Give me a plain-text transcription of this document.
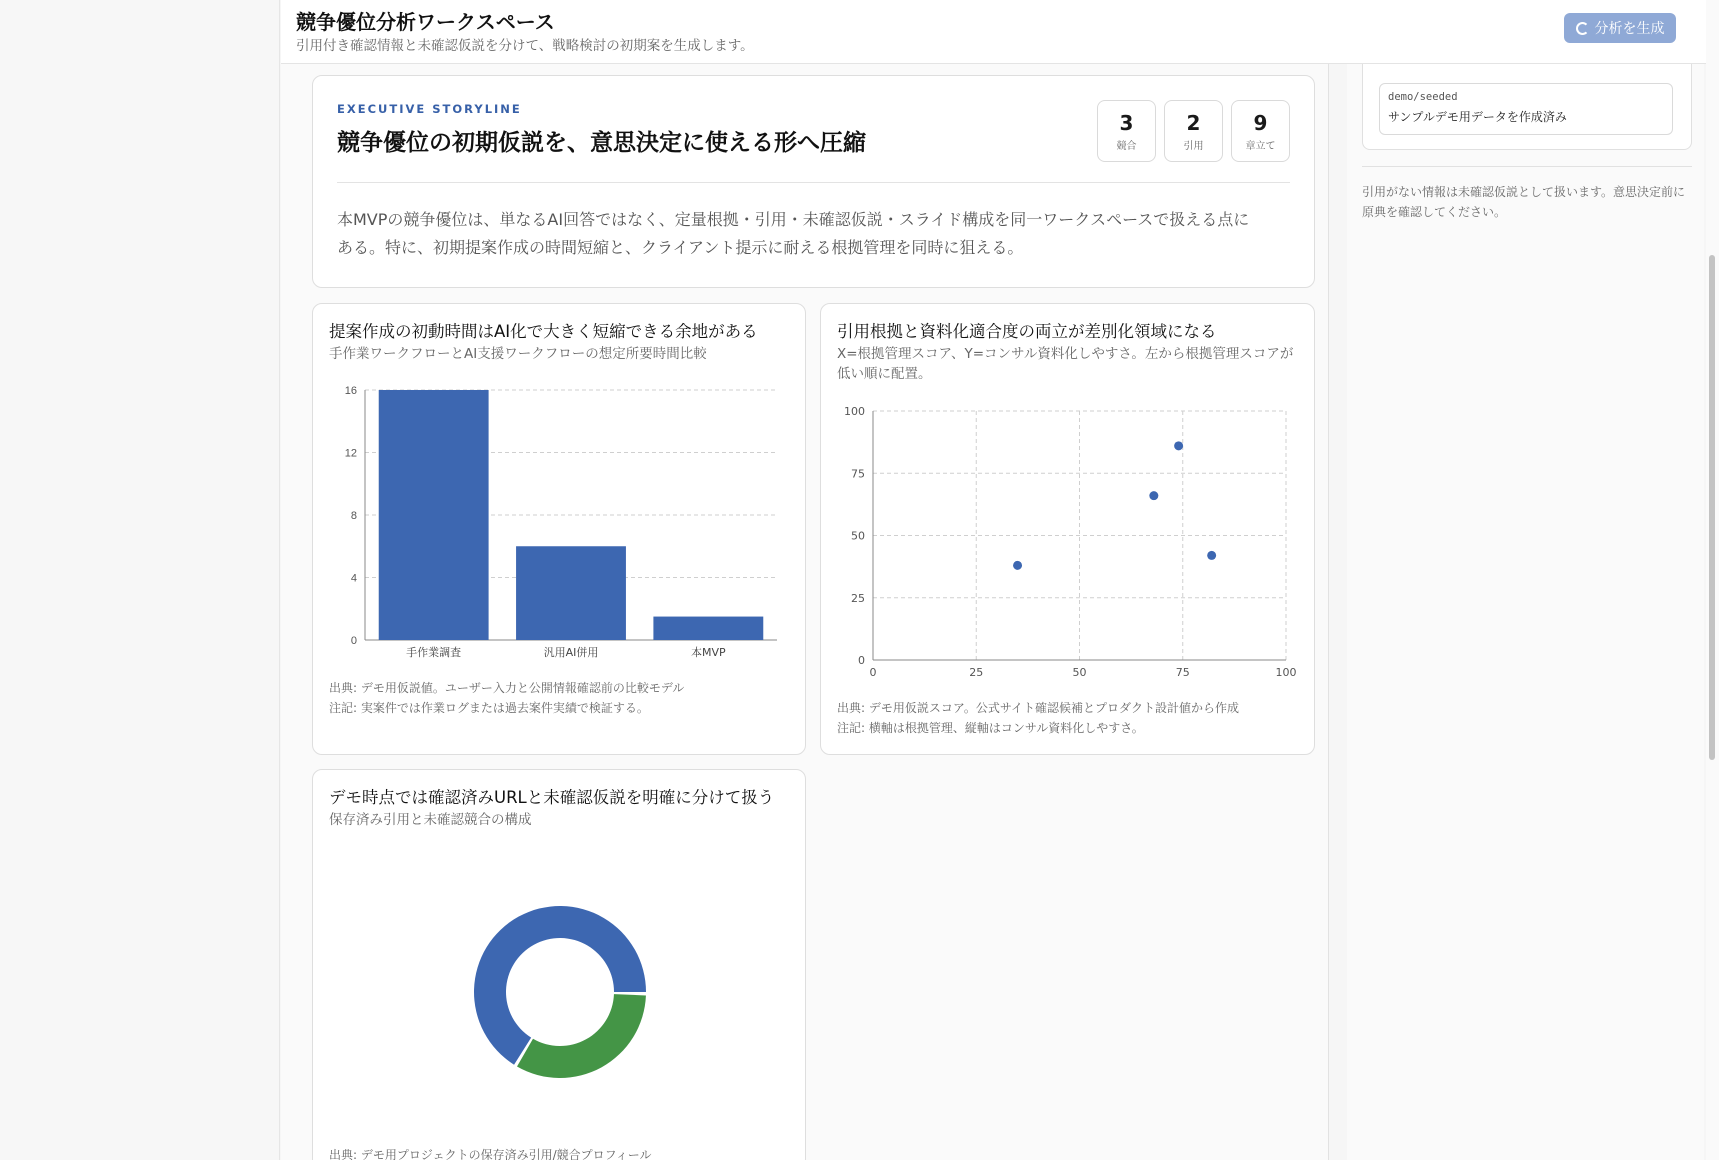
競争優位分析ワークスペース
引用付き確認情報と未確認仮説を分けて、戦略検討の初期案を生成します。
分析を生成
EXECUTIVE STORYLINE
競争優位の初期仮説を、意思決定に使える形へ圧縮
3
競合
2
引用
9
章立て
本MVPの競争優位は、単なるAI回答ではなく、定量根拠・引用・未確認仮説・スライド構成を同一ワークスペースで扱える点にある。特に、初期提案作成の時間短縮と、クライアント提示に耐える根拠管理を同時に狙える。
提案作成の初動時間はAI化で大きく短縮できる余地がある
手作業ワークフローとAI支援ワークフローの想定所要時間比較
0
4
8
12
16
手作業調査	汎用AI併用	本MVP
出典: デモ用仮説値。ユーザー入力と公開情報確認前の比較モデル
注記: 実案件では作業ログまたは過去案件実績で検証する。
引用根拠と資料化適合度の両立が差別化領域になる
X=根拠管理スコア、Y=コンサル資料化しやすさ。左から根拠管理スコアが低い順に配置。
0	25	50	75	100
0
25
50
75
100
出典: デモ用仮説スコア。公式サイト確認候補とプロダクト設計値から作成
注記: 横軸は根拠管理、縦軸はコンサル資料化しやすさ。
デモ時点では確認済みURLと未確認仮説を明確に分けて扱う
保存済み引用と未確認競合の構成
出典: デモ用プロジェクトの保存済み引用/競合プロフィール
demo/seeded
サンプルデモ用データを作成済み
引用がない情報は未確認仮説として扱います。意思決定前に原典を確認してください。
